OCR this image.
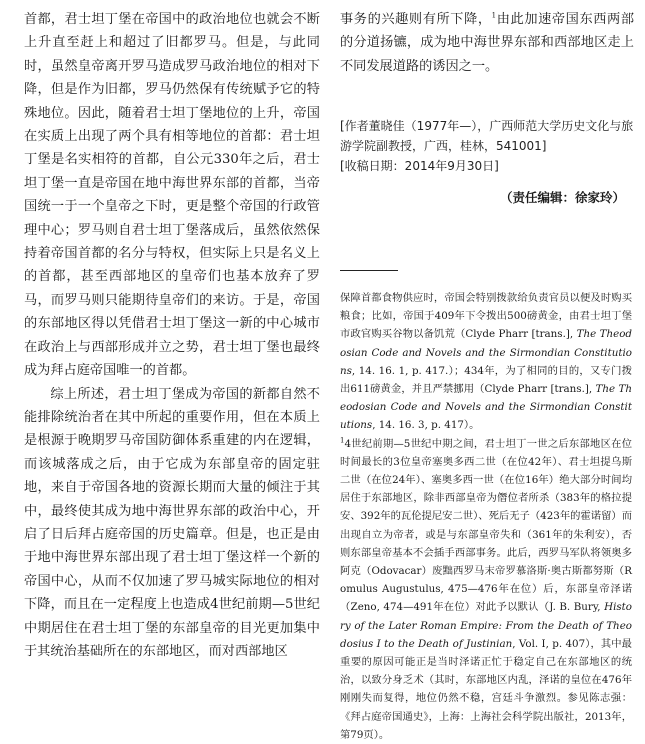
首都，君士坦丁堡在帝国中的政治地位也就会不断上升直至赶上和超过了旧都罗马。但是，与此同时，虽然皇帝离开罗马造成罗马政治地位的相对下降，但是作为旧都，罗马仍然保有传统赋予它的特殊地位。因此，随着君士坦丁堡地位的上升，帝国在实质上出现了两个具有相等地位的首都：君士坦丁堡是名实相符的首都，自公元330年之后，君士坦丁堡一直是帝国在地中海世界东部的首都，当帝国统一于一个皇帝之下时，更是整个帝国的行政管理中心；罗马则自君士坦丁堡落成后，虽然依然保持着帝国首都的名分与特权，但实际上只是名义上的首都，甚至西部地区的皇帝们也基本放弃了罗马，而罗马则只能期待皇帝们的来访。于是，帝国的东部地区得以凭借君士坦丁堡这一新的中心城市在政治上与西部形成并立之势，君士坦丁堡也最终成为拜占庭帝国唯一的首都。

综上所述，君士坦丁堡成为帝国的新都自然不能排除统治者在其中所起的重要作用，但在本质上是根源于晚期罗马帝国防御体系重建的内在逻辑，而该城落成之后，由于它成为东部皇帝的固定驻地，来自于帝国各地的资源长期而大量的倾注于其中，最终使其成为地中海世界东部的政治中心，开启了日后拜占庭帝国的历史篇章。但是，也正是由于地中海世界东部出现了君士坦丁堡这样一个新的帝国中心，从而不仅加速了罗马城实际地位的相对下降，而且在一定程度上也造成4世纪前期—5世纪中期居住在君士坦丁堡的东部皇帝的目光更加集中于其统治基础所在的东部地区，而对西部地区

事务的兴趣则有所下降，$^1$由此加速帝国东西两部的分道扬镳，成为地中海世界东部和西部地区走上不同发展道路的诱因之一。

[作者董晓佳（1977年—），广西师范大学历史文化与旅游学院副教授，广西，桂林，541001]

[收稿日期：2014年9月30日]

（责任编辑：徐家玲）

保障首都食物供应时，帝国会特别拨款给负责官员以便及时购买粮食；比如，帝国于409年下令拨出500磅黄金，由君士坦丁堡市政官购买谷物以备饥荒（Clyde Pharr [trans.], The Theodosian Code and Novels and the Sirmondian Constitutions, 14. 16. 1, p. 417.）；434年，为了相同的目的，又专门拨出611磅黄金，并且严禁挪用（Clyde Pharr [trans.], The Theodosian Code and Novels and the Sirmondian Constitutions, 14. 16. 3, p. 417）。

$^1$4世纪前期—5世纪中期之间，君士坦丁一世之后东部地区在位时间最长的3位皇帝塞奥多西二世（在位42年）、君士坦提乌斯二世（在位24年）、塞奥多西一世（在位16年）绝大部分时间均居住于东部地区，除非西部皇帝为僭位者所杀（383年的格拉提安、392年的瓦伦提尼安二世）、死后无子（423年的霍诺留）而出现自立为帝者，或是与东部皇帝失和（361年的朱利安），否则东部皇帝基本不会插手西部事务。此后，西罗马军队将领奥多阿克（Odovacar）废黜西罗马末帝罗慕洛斯·奥古斯都努斯（Romulus Augustulus, 475—476年在位）后，东部皇帝泽诺（Zeno, 474—491年在位）对此予以默认（J. B. Bury, History of the Later Roman Empire: From the Death of Theodosius I to the Death of Justinian, Vol. I, p. 407），其中最重要的原因可能正是当时泽诺正忙于稳定自己在东部地区的统治，以致分身乏术（其时，东部地区内乱，泽诺的皇位在476年刚刚失而复得，地位仍然不稳，宫廷斗争激烈。参见陈志强：《拜占庭帝国通史》，上海：上海社会科学院出版社，2013年，第79页）。
